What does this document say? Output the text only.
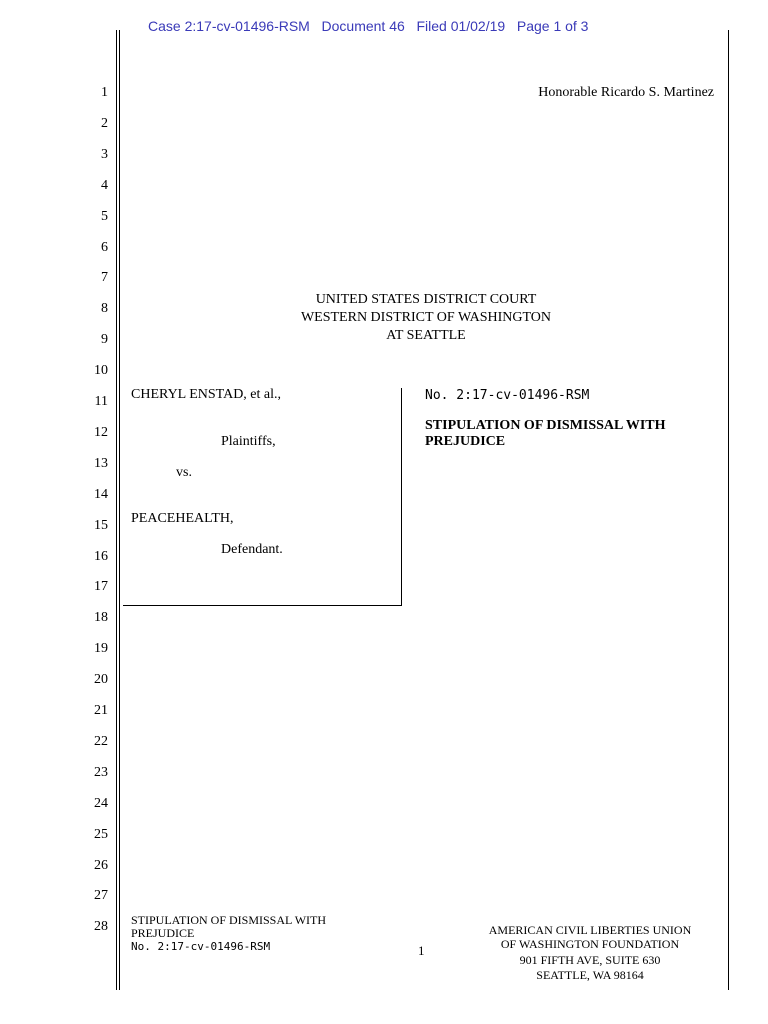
Case 2:17-cv-01496-RSM   Document 46   Filed 01/02/19   Page 1 of 3
1
2
3
4
5
6
7
8
9
10
11
12
13
14
15
16
17
18
19
20
21
22
23
24
25
26
27
28
Honorable Ricardo S. Martinez
UNITED STATES DISTRICT COURT
WESTERN DISTRICT OF WASHINGTON
AT SEATTLE
CHERYL ENSTAD, et al.,
Plaintiffs,
vs.
PEACEHEALTH,
Defendant.
No. 2:17-cv-01496-RSM
STIPULATION OF DISMISSAL WITH
PREJUDICE
STIPULATION OF DISMISSAL WITH
PREJUDICE
No. 2:17-cv-01496-RSM	1
AMERICAN CIVIL LIBERTIES UNION
OF WASHINGTON FOUNDATION
901 FIFTH AVE, SUITE 630
SEATTLE, WA 98164
